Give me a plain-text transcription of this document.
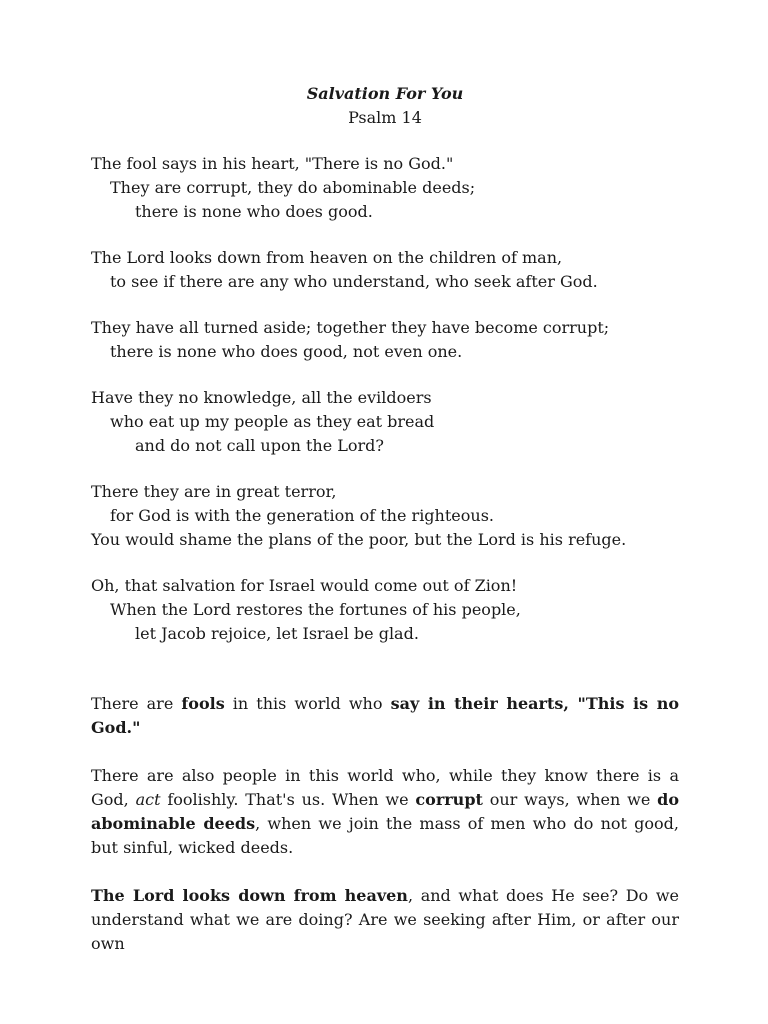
Salvation For You

Psalm 14

The fool says in his heart, "There is no God."
They are corrupt, they do abominable deeds;
there is none who does good.
The Lord looks down from heaven on the children of man,
to see if there are any who understand, who seek after God.
They have all turned aside; together they have become corrupt;
there is none who does good, not even one.
Have they no knowledge, all the evildoers
who eat up my people as they eat bread
and do not call upon the Lord?
There they are in great terror,
for God is with the generation of the righteous.
You would shame the plans of the poor, but the Lord is his refuge.
Oh, that salvation for Israel would come out of Zion!
When the Lord restores the fortunes of his people,
let Jacob rejoice, let Israel be glad.

There are fools in this world who say in their hearts, "This is no God."

There are also people in this world who, while they know there is a God, act foolishly. That's us. When we corrupt our ways, when we do abominable deeds, when we join the mass of men who do not good, but sinful, wicked deeds.

The Lord looks down from heaven, and what does He see? Do we understand what we are doing? Are we seeking after Him, or after our own
